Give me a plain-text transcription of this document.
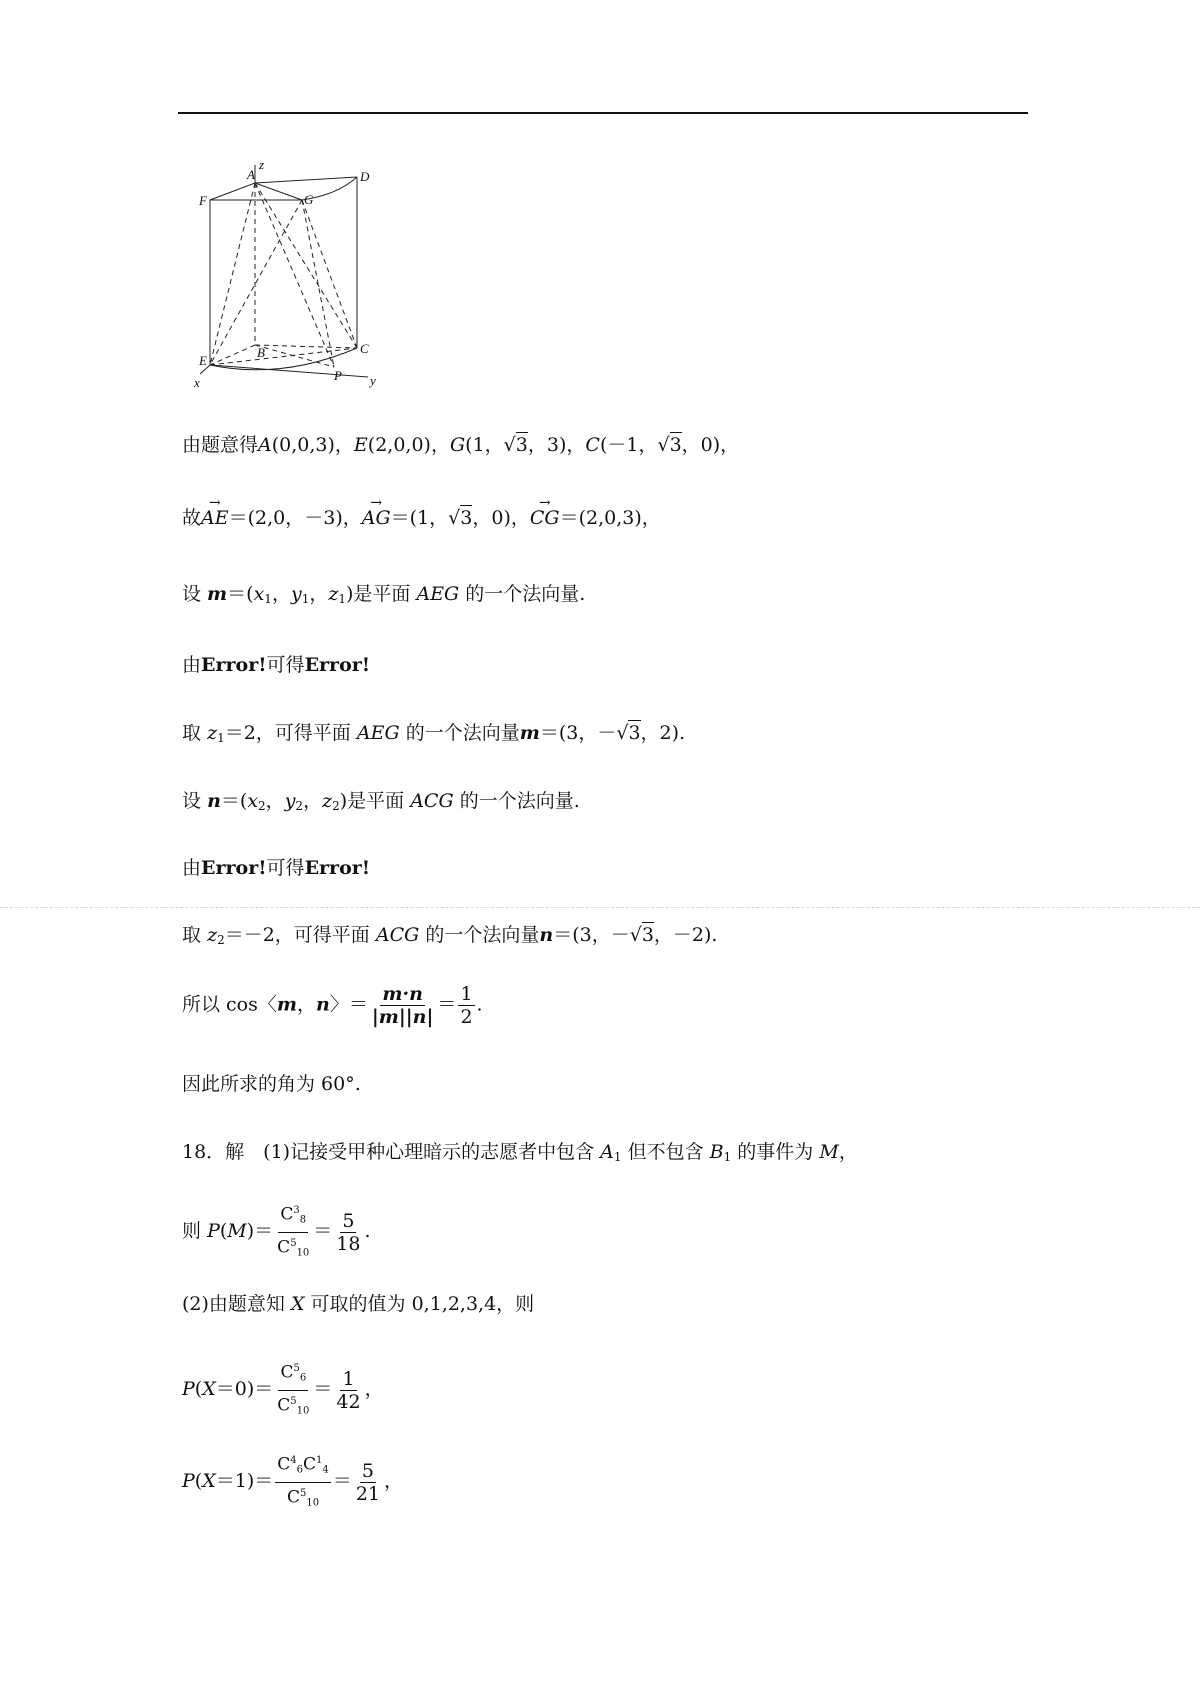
A
z
D
F	G
E
B	C
P
x	y
由题意得A(0,0,3)，E(2,0,0)，G(1，√3，3)，C(－1，√3，0)，
故→ AE＝(2,0，－3)，→ AG＝(1，√3，0)，→ CG＝(2,0,3)，
设 $m=(x_1$，$y_1$，$z_1$)是平面 AEG 的一个法向量.
由Error!可得Error!
取 $z_1=2$，可得平面 AEG 的一个法向量m＝(3，－√3，2).
设 $n=(x_2$，$y_2$，$z_2$)是平面 ACG 的一个法向量.
由Error!可得Error!
取 $z_2=-2$，可得平面 ACG 的一个法向量n＝(3，－√3，－2).
所以 cos〈m，n〉＝ $\frac{m\cdot n}{|m||n|} = \frac{1}{2}$ .
因此所求的角为 60°.
18．解　(1)记接受甲种心理暗示的志愿者中包含 $A_1$ 但不包含 $B_1$ 的事件为 M，
则 $P(M)= \frac{C^3_8}{C^5_{10}} = \frac{5}{18}$ .
(2)由题意知 X 可取的值为 0,1,2,3,4，则
$P(X=0)= \frac{C^5_6}{C^5_{10}} = \frac{1}{42}$ ，
$P(X=1)= \frac{C^4_6C^1_4}{C^5_{10}} = \frac{5}{21}$ ，
